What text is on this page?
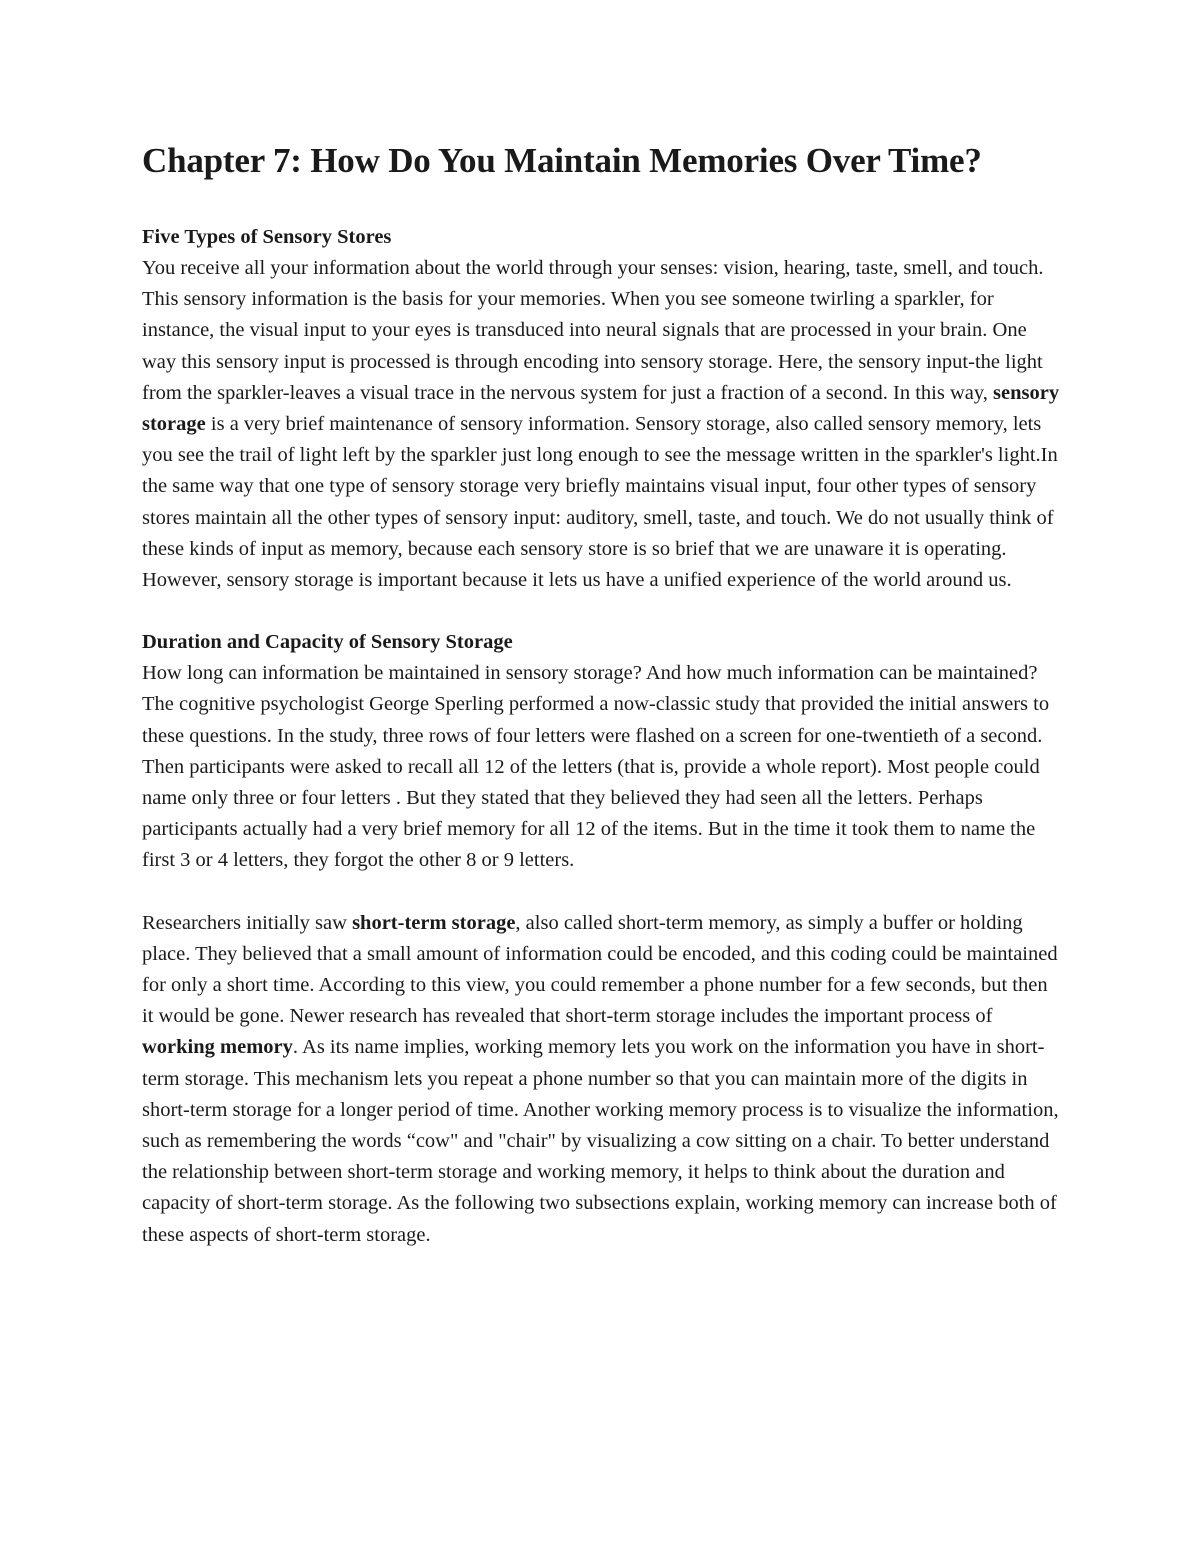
Chapter 7: How Do You Maintain Memories Over Time?
Five Types of Sensory Stores

You receive all your information about the world through your senses: vision, hearing, taste, smell, and touch. This sensory information is the basis for your memories. When you see someone twirling a sparkler, for instance, the visual input to your eyes is transduced into neural signals that are processed in your brain. One way this sensory input is processed is through encoding into sensory storage. Here, the sensory input-the light from the sparkler-leaves a visual trace in the nervous system for just a fraction of a second. In this way, sensory storage is a very brief maintenance of sensory information. Sensory storage, also called sensory memory, lets you see the trail of light left by the sparkler just long enough to see the message written in the sparkler's light.In the same way that one type of sensory storage very briefly maintains visual input, four other types of sensory stores maintain all the other types of sensory input: auditory, smell, taste, and touch. We do not usually think of these kinds of input as memory, because each sensory store is so brief that we are unaware it is operating. However, sensory storage is important because it lets us have a unified experience of the world around us.

Duration and Capacity of Sensory Storage

How long can information be maintained in sensory storage? And how much information can be maintained? The cognitive psychologist George Sperling performed a now-classic study that provided the initial answers to these questions. In the study, three rows of four letters were flashed on a screen for one-twentieth of a second. Then participants were asked to recall all 12 of the letters (that is, provide a whole report). Most people could name only three or four letters . But they stated that they believed they had seen all the letters. Perhaps participants actually had a very brief memory for all 12 of the items. But in the time it took them to name the first 3 or 4 letters, they forgot the other 8 or 9 letters.

Researchers initially saw short-term storage, also called short-term memory, as simply a buffer or holding place. They believed that a small amount of information could be encoded, and this coding could be maintained for only a short time. According to this view, you could remember a phone number for a few seconds, but then it would be gone. Newer research has revealed that short-term storage includes the important process of working memory. As its name implies, working memory lets you work on the information you have in short-term storage. This mechanism lets you repeat a phone number so that you can maintain more of the digits in short-term storage for a longer period of time. Another working memory process is to visualize the information, such as remembering the words “cow" and "chair" by visualizing a cow sitting on a chair. To better understand the relationship between short-term storage and working memory, it helps to think about the duration and capacity of short-term storage. As the following two subsections explain, working memory can increase both of these aspects of short-term storage.
